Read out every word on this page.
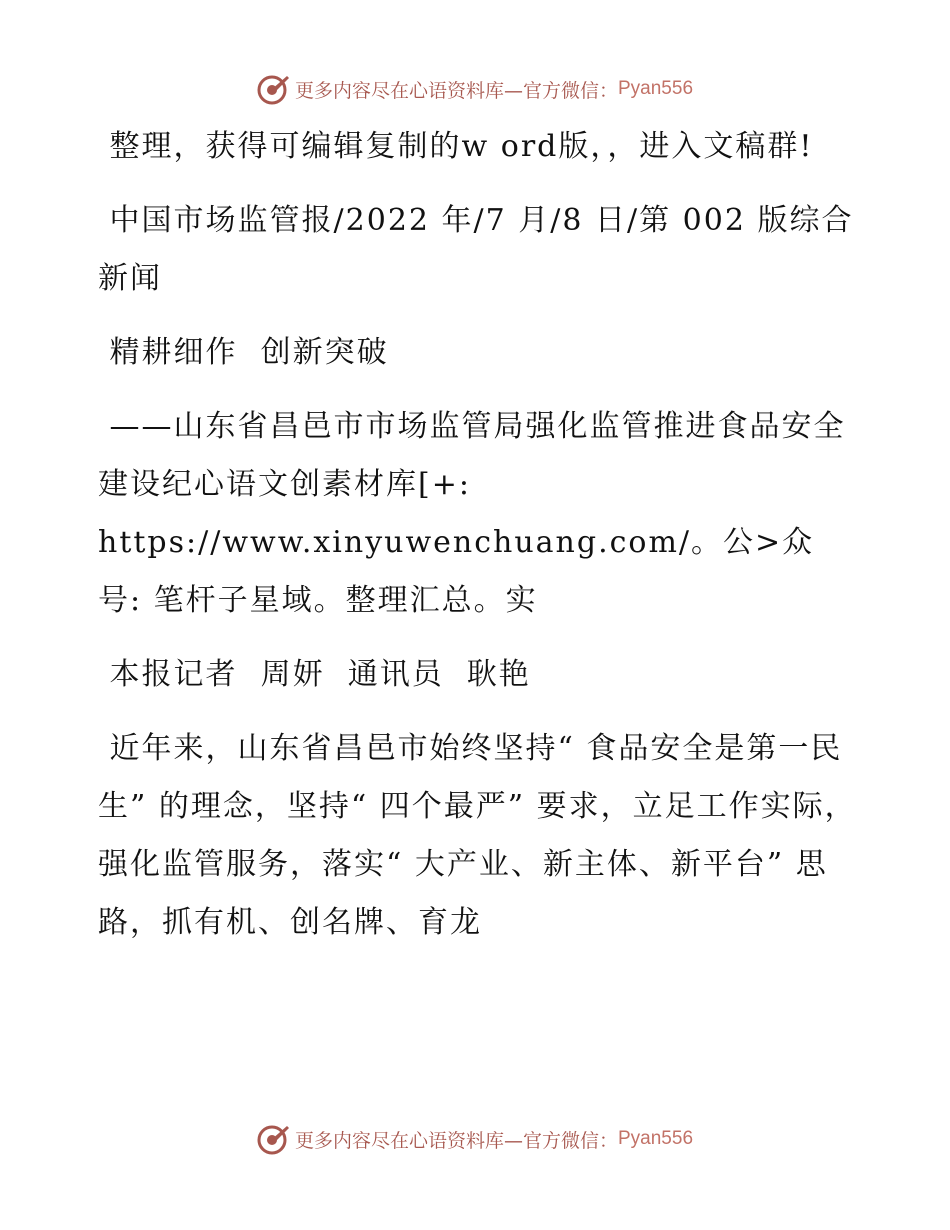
更多内容尽在心语资料库—官方微信： Pyan556

整理，获得可编辑复制的w ord版，，进入文稿群!

中国市场监管报/2022 年/7 月/8 日/第 002 版综合新闻

精耕细作  创新突破

——山东省昌邑市市场监管局强化监管推进食品安全建设纪心语文创素材库[+: https://www.xinyuwenchuang.com/。公>众号: 笔杆子星域。整理汇总。实

本报记者  周妍  通讯员  耿艳

近年来，山东省昌邑市始终坚持“ 食品安全是第一民生” 的理念，坚持“ 四个最严” 要求，立足工作实际，强化监管服务，落实“ 大产业、新主体、新平台” 思路，抓有机、创名牌、育龙

更多内容尽在心语资料库—官方微信： Pyan556
